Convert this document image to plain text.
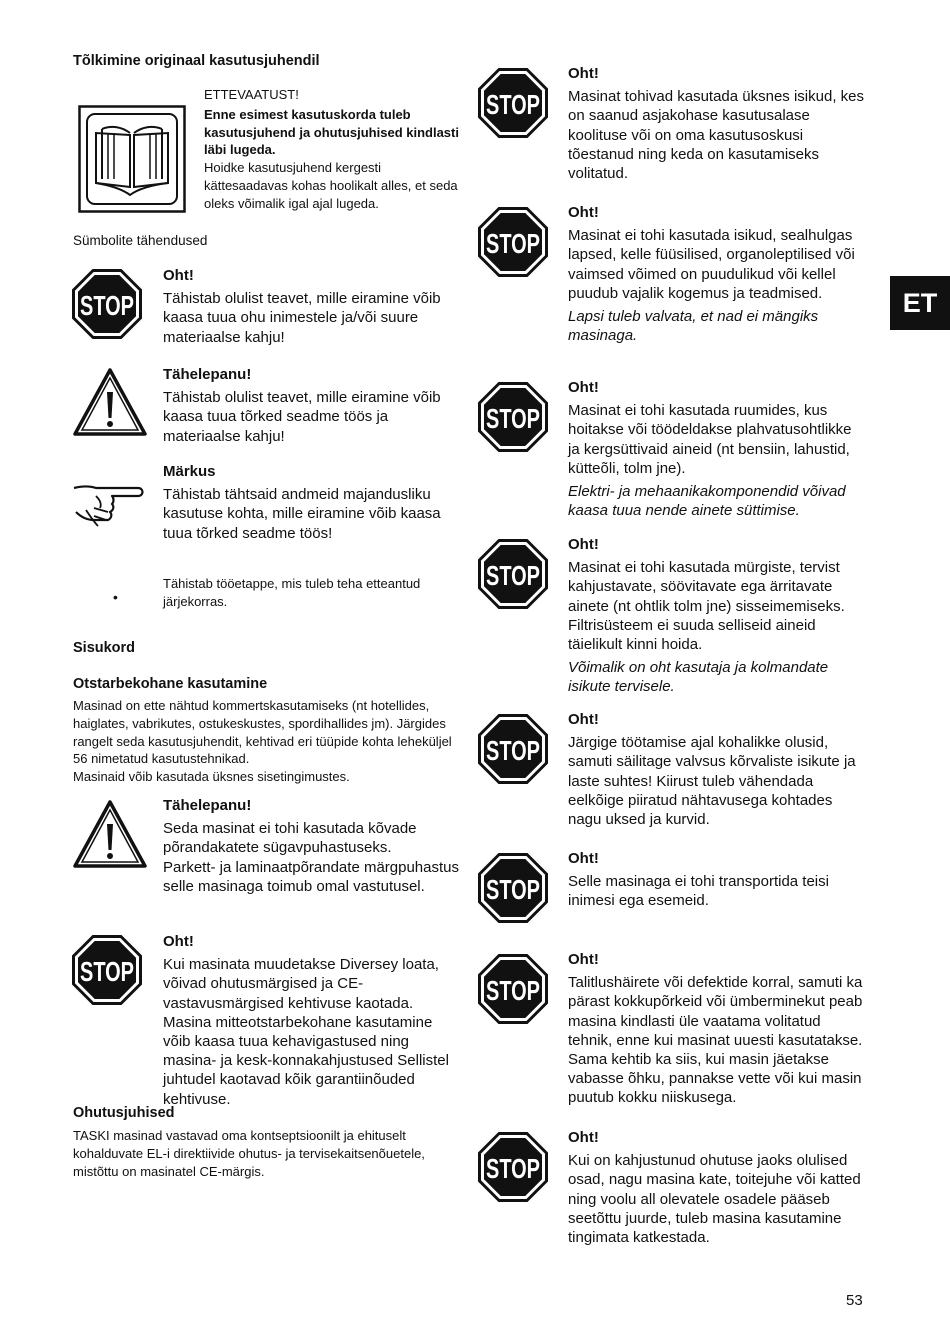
Tõlkimine originaal kasutusjuhendil
ETTEVAATUST!
Enne esimest kasutuskorda tuleb kasutusjuhend ja ohutusjuhised kindlasti läbi lugeda.
Hoidke kasutusjuhend kergesti kättesaadavas kohas hoolikalt alles, et seda oleks võimalik igal ajal lugeda.
Sümbolite tähendused
STOP
Oht!
Tähistab olulist teavet, mille eiramine võib kaasa tuua ohu inimestele ja/või suure materiaalse kahju!
Tähelepanu!
Tähistab olulist teavet, mille eiramine võib kaasa tuua tõrked seadme töös ja materiaalse kahju!
Märkus
Tähistab tähtsaid andmeid majandusliku kasutuse kohta, mille eiramine võib kaasa tuua tõrked seadme töös!
•
Tähistab tööetappe, mis tuleb teha etteantud järjekorras.
Sisukord
Otstarbekohane kasutamine
Masinad on ette nähtud kommertskasutamiseks (nt hotellides, haiglates, vabrikutes, ostukeskustes, spordihallides jm). Järgides rangelt seda kasutusjuhendit, kehtivad eri tüüpide kohta leheküljel 56 nimetatud kasutustehnikad.
Masinaid võib kasutada üksnes sisetingimustes.
Tähelepanu!
Seda masinat ei tohi kasutada kõvade põrandakatete sügavpuhastuseks.
Parkett- ja laminaatpõrandate märgpuhastus selle masinaga toimub omal vastutusel.
STOP
Oht!
Kui masinata muudetakse Diversey loata, võivad ohutusmärgised ja CE-vastavusmärgised kehtivuse kaotada. Masina mitteotstarbekohane kasutamine võib kaasa tuua kehavigastused ning masina- ja kesk-konnakahjustused Sellistel juhtudel kaotavad kõik garantiinõuded kehtivuse.
Ohutusjuhised
TASKI masinad vastavad oma kontseptsioonilt ja ehituselt kohalduvate EL-i direktiivide ohutus- ja tervisekaitsenõuetele, mistõttu on masinatel CE-märgis.
STOP
Oht!
Masinat tohivad kasutada üksnes isikud, kes on saanud asjakohase kasutusalase koolituse või on oma kasutusoskusi tõestanud ning keda on kasutamiseks volitatud.
STOP
Oht!
Masinat ei tohi kasutada isikud, sealhulgas lapsed, kelle füüsilised, organoleptilised või vaimsed võimed on puudulikud või kellel puudub vajalik kogemus ja teadmised.
Lapsi tuleb valvata, et nad ei mängiks masinaga.
STOP
Oht!
Masinat ei tohi kasutada ruumides, kus hoitakse või töödeldakse plahvatusohtlikke ja kergsüttivaid aineid (nt bensiin, lahustid, kütteõli, tolm jne).
Elektri- ja mehaanikakomponendid võivad kaasa tuua nende ainete süttimise.
STOP
Oht!
Masinat ei tohi kasutada mürgiste, tervist kahjustavate, söövitavate ega ärritavate ainete (nt ohtlik tolm jne) sisseimemiseks. Filtrisüsteem ei suuda selliseid aineid täielikult kinni hoida.
Võimalik on oht kasutaja ja kolmandate isikute tervisele.
STOP
Oht!
Järgige töötamise ajal kohalikke olusid, samuti säilitage valvsus kõrvaliste isikute ja laste suhtes! Kiirust tuleb vähendada eelkõige piiratud nähtavusega kohtades nagu uksed ja kurvid.
STOP
Oht!
Selle masinaga ei tohi transportida teisi inimesi ega esemeid.
STOP
Oht!
Talitlushäirete või defektide korral, samuti ka pärast kokkupõrkeid või ümberminekut peab masina kindlasti üle vaatama volitatud tehnik, enne kui masinat uuesti kasutatakse. Sama kehtib ka siis, kui masin jäetakse vabasse õhku, pannakse vette või kui masin puutub kokku niiskusega.
STOP
Oht!
Kui on kahjustunud ohutuse jaoks olulised osad, nagu masina kate, toitejuhe või katted ning voolu all olevatele osadele pääseb seetõttu juurde, tuleb masina kasutamine tingimata katkestada.
ET
53
